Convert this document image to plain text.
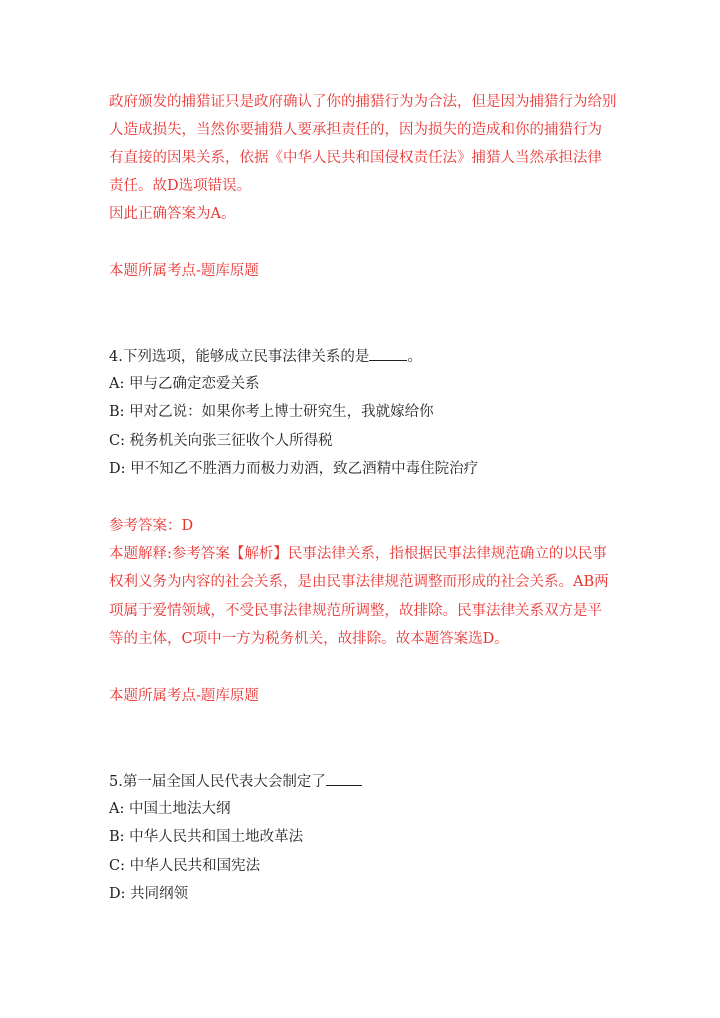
政府颁发的捕猎证只是政府确认了你的捕猎行为为合法，但是因为捕猎行为给别
人造成损失，当然你要捕猎人要承担责任的，因为损失的造成和你的捕猎行为
有直接的因果关系，依据《中华人民共和国侵权责任法》捕猎人当然承担法律
责任。故D选项错误。
因此正确答案为A。
本题所属考点-题库原题
4.下列选项，能够成立民事法律关系的是	。
A: 甲与乙确定恋爱关系
B: 甲对乙说：如果你考上博士研究生，我就嫁给你
C: 税务机关向张三征收个人所得税
D: 甲不知乙不胜酒力而极力劝酒，致乙酒精中毒住院治疗
参考答案：D
本题解释:参考答案【解析】民事法律关系，指根据民事法律规范确立的以民事
权利义务为内容的社会关系，是由民事法律规范调整而形成的社会关系。AB两
项属于爱情领域，不受民事法律规范所调整，故排除。民事法律关系双方是平
等的主体，C项中一方为税务机关，故排除。故本题答案选D。
本题所属考点-题库原题
5.第一届全国人民代表大会制定了
A: 中国土地法大纲
B: 中华人民共和国土地改革法
C: 中华人民共和国宪法
D: 共同纲领
